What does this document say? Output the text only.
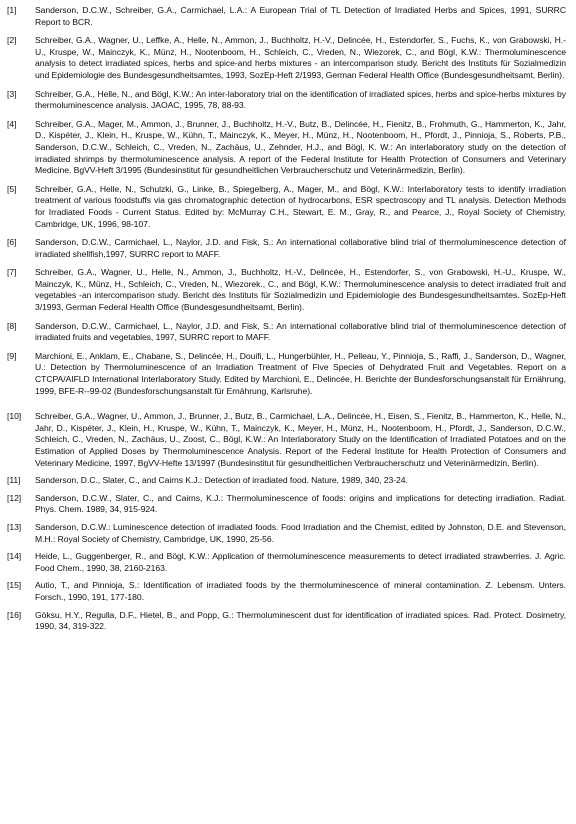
[1]	Sanderson, D.C.W., Schreiber, G.A., Carmichael, L.A.: A European Trial of TL Detection of Irradiated Herbs and Spices, 1991, SURRC Report to BCR.
[2]	Schreiber, G.A., Wagner, U., Leffke, A., Helle, N., Ammon, J., Buchholtz, H.-V., Delincée, H., Estendorfer, S., Fuchs, K., von Grabowski, H.-U., Kruspe, W., Mainczyk, K., Münz, H., Nootenboom, H., Schleich, C., Vreden, N., Wiezorek, C., and Bögl, K.W.: Thermoluminescence analysis to detect irradiated spices, herbs and spice-and herbs mixtures - an intercomparison study. Bericht des Instituts für Sozialmedizin und Epidemiologie des Bundesgesundheitsamtes, 1993, SozEp-Heft 2/1993, German Federal Health Office (Bundesgesundheitsamt, Berlin).
[3]	Schreiber, G.A., Helle, N., and Bögl, K.W.: An inter-laboratory trial on the identification of irradiated spices, herbs and spice-herbs mixtures by thermoluminescence analysis. JAOAC, 1995, 78, 88-93.
[4]	Schreiber, G.A., Mager, M., Ammon, J., Brunner, J., Buchholtz, H.-V., Butz, B., Delincée, H., Fienitz, B., Frohmuth, G., Hammerton, K., Jahr, D., Kispéter, J., Klein, H., Kruspe, W., Kühn, T., Mainczyk, K., Meyer, H., Münz, H., Nootenboom, H., Pfordt, J., Pinnioja, S., Roberts, P.B., Sanderson, D.C.W., Schleich, C., Vreden, N., Zachäus, U., Zehnder, H.J., and Bögl, K. W.: An interlaboratory study on the detection of irradiated shrimps by thermoluminescence analysis. A report of the Federal Institute for Health Protection of Consumers and Veterinary Medicine. BgVV-Heft 3/1995 (Bundesinstitut für gesundheitlichen Verbraucherschutz und Veterinärmedizin, Berlin).
[5]	Schreiber, G.A., Helle, N., Schulzki, G., Linke, B., Spiegelberg, A., Mager, M., and Bögl, K.W.: Interlaboratory tests to identify irradiation treatment of various foodstuffs via gas chromatographic detection of hydrocarbons, ESR spectroscopy and TL analysis. Detection Methods for Irradiated Foods - Current Status. Edited by: McMurray C.H., Stewart, E. M., Gray, R., and Pearce, J., Royal Society of Chemistry, Cambridge, UK, 1996, 98-107.
[6]	Sanderson, D.C.W., Carmichael, L., Naylor, J.D. and Fisk, S.: An international collaborative blind trial of thermoluminescence detection of irradiated shellfish,1997, SURRC report to MAFF.
[7]	Schreiber, G.A., Wagner, U., Helle, N., Ammon, J., Buchholtz, H.-V., Delincée, H., Estendorfer, S., von Grabowski, H.-U., Kruspe, W., Mainczyk, K., Münz, H., Schleich, C., Vreden, N., Wiezorek., C., and Bögl, K.W.: Thermoluminescence analysis to detect irradiated fruit and vegetables -an intercomparison study. Bericht des Instituts für Sozialmedizin und Epidemiologie des Bundesgesundheitsamtes. SozEp-Heft 3/1993, German Federal Health Office (Bundesgesundheitsamt, Berlin).
[8]	Sanderson, D.C.W., Carmichael, L., Naylor, J.D. and Fisk, S.: An international collaborative blind trial of thermoluminescence detection of irradiated fruits and vegetables, 1997, SURRC report to MAFF.
[9]	Marchioni, E., Anklam, E., Chabane, S., Delincée, H., Douifi, L., Hungerbühler, H., Pelleau, Y., Pinnioja, S., Raffi, J., Sanderson, D., Wagner, U.: Detection by Thermoluminescence of an Irradiation Treatment of Five Species of Dehydrated Fruit and Vegetables. Report on a CTCPA/AIFLD International Interlaboratory Study. Edited by Marchioni, E., Delincée, H. Berichte der Bundesforschungsanstalt für Ernährung, 1999, BFE-R--99-02 (Bundesforschungsanstalt für Ernährung, Karlsruhe).
[10]	Schreiber, G.A., Wagner, U., Ammon, J., Brunner, J., Butz, B., Carmichael, L.A., Delincée, H., Eisen, S., Fienitz, B., Hammerton, K., Helle, N., Jahr, D., Kispéter, J., Klein, H., Kruspe, W., Kühn, T., Mainczyk, K., Meyer, H., Münz, H., Nootenboom, H., Pfordt, J., Sanderson, D.C.W., Schleich, C., Vreden, N., Zachäus, U., Zoost, C., Bögl, K.W.: An Interlaboratory Study on the Identification of Irradiated Potatoes and on the Estimation of Applied Doses by Thermoluminescence Analysis. Report of the Federal Institute for Health Protection of Consumers and Veterinary Medicine, 1997, BgVV-Hefte 13/1997 (Bundesinstitut für gesundheitlichen Verbraucherschutz und Veterinärmedizin, Berlin).
[11]	Sanderson, D.C., Slater, C., and Cairns K.J.: Detection of irradiated food. Nature, 1989, 340, 23-24.
[12]	Sanderson, D.C.W., Slater, C., and Cairns, K.J.: Thermoluminescence of foods: origins and implications for detecting irradiation. Radiat. Phys. Chem. 1989, 34, 915-924.
[13]	Sanderson, D.C.W.: Luminescence detection of irradiated foods. Food Irradiation and the Chemist, edited by Johnston, D.E. and Stevenson, M.H.: Royal Society of Chemistry, Cambridge, UK, 1990, 25-56.
[14]	Heide, L., Guggenberger, R., and Bögl, K.W.: Application of thermoluminescence measurements to detect irradiated strawberries. J. Agric. Food Chem., 1990, 38, 2160-2163.
[15]	Autio, T., and Pinnioja, S.: Identification of irradiated foods by the thermoluminescence of mineral contamination. Z. Lebensm. Unters. Forsch., 1990, 191, 177-180.
[16]	Göksu, H.Y., Regulla, D.F., Hietel, B., and Popp, G.: Thermoluminescent dust for identification of irradiated spices. Rad. Protect. Dosimetry, 1990, 34, 319-322.
